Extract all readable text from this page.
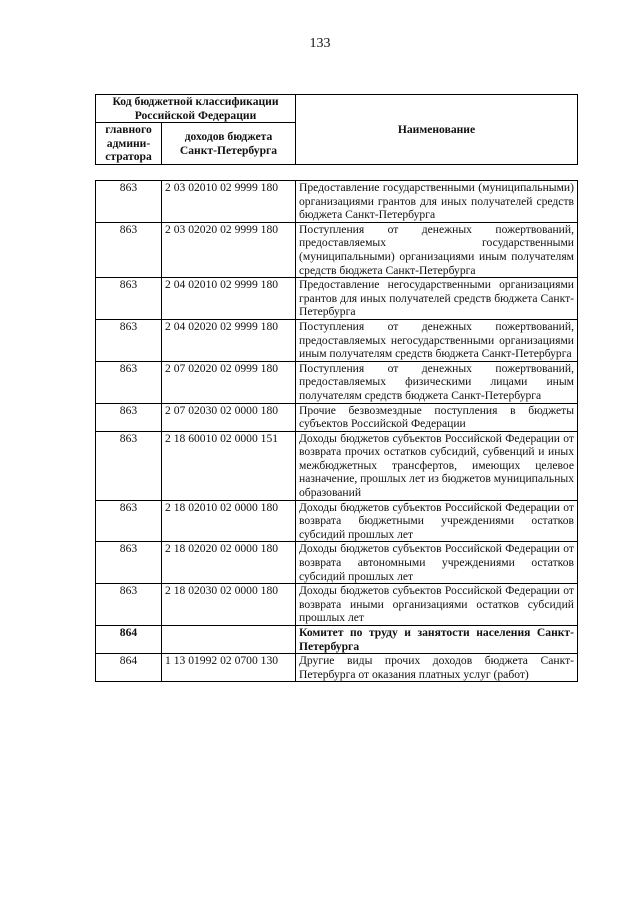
133
Код бюджетной классификации Российской Федерации		Наименование
главного админи- стратора	доходов бюджета Санкт-Петербурга	
863	2 03 02010 02 9999 180	Предоставление государственными (муниципальными) организациями грантов для иных получателей средств бюджета Санкт-Петербурга
863	2 03 02020 02 9999 180	Поступления от денежных пожертвований, предоставляемых государственными (муниципальными) организациями иным получателям средств бюджета Санкт-Петербурга
863	2 04 02010 02 9999 180	Предоставление негосударственными организациями грантов для иных получателей средств бюджета Санкт-Петербурга
863	2 04 02020 02 9999 180	Поступления от денежных пожертвований, предоставляемых негосударственными организациями иным получателям средств бюджета Санкт-Петербурга
863	2 07 02020 02 0999 180	Поступления от денежных пожертвований, предоставляемых физическими лицами иным получателям средств бюджета Санкт-Петербурга
863	2 07 02030 02 0000 180	Прочие безвозмездные поступления в бюджеты субъектов Российской Федерации
863	2 18 60010 02 0000 151	Доходы бюджетов субъектов Российской Федерации от возврата прочих остатков субсидий, субвенций и иных межбюджетных трансфертов, имеющих целевое назначение, прошлых лет из бюджетов муниципальных образований
863	2 18 02010 02 0000 180	Доходы бюджетов субъектов Российской Федерации от возврата бюджетными учреждениями остатков субсидий прошлых лет
863	2 18 02020 02 0000 180	Доходы бюджетов субъектов Российской Федерации от возврата автономными учреждениями остатков субсидий прошлых лет
863	2 18 02030 02 0000 180	Доходы бюджетов субъектов Российской Федерации от возврата иными организациями остатков субсидий прошлых лет
864		Комитет по труду и занятости населения Санкт-Петербурга
864	1 13 01992 02 0700 130	Другие виды прочих доходов бюджета Санкт-Петербурга от оказания платных услуг (работ)
